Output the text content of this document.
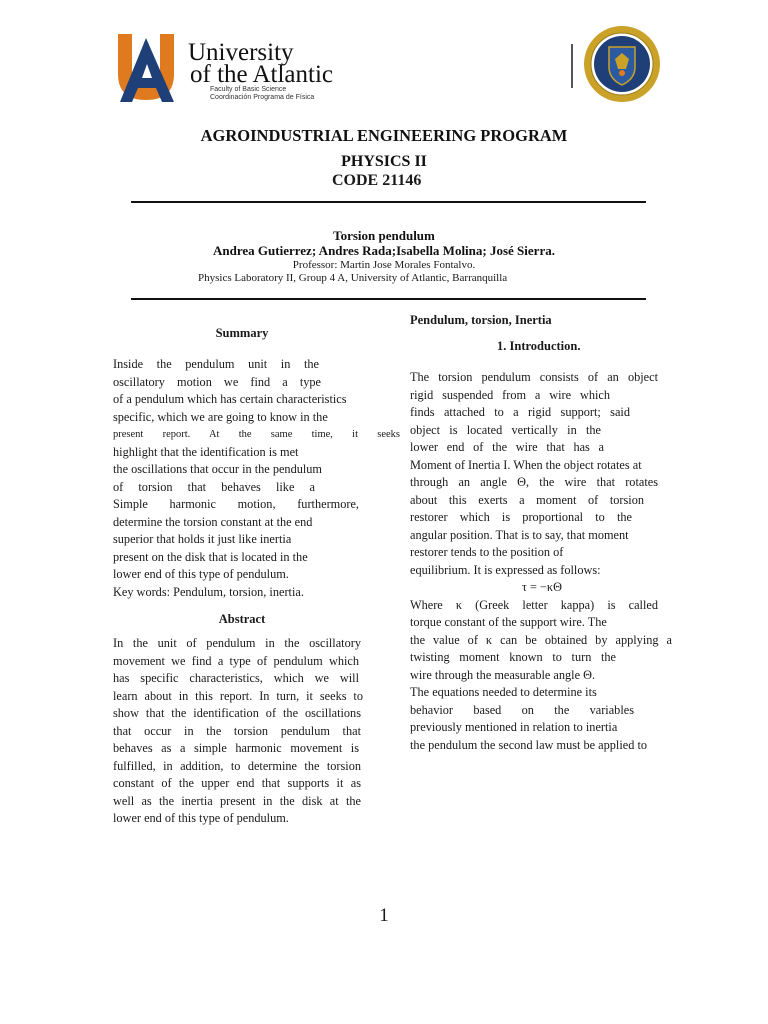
University
of the Atlantic
Faculty of Basic Science
Coordinación Programa de Física
AGROINDUSTRIAL ENGINEERING PROGRAM
PHYSICS II
CODE 21146
Torsion pendulum
Andrea Gutierrez; Andres Rada;Isabella Molina; José Sierra.
Professor: Martin Jose Morales Fontalvo.
Physics Laboratory II, Group 4 A, University of Atlantic, Barranquilla
Summary
Inside the pendulum unit in the
oscillatory motion we find a type
of a pendulum which has certain characteristics
specific, which we are going to know in the
present report. At the same time, it seeks
highlight that the identification is met
the oscillations that occur in the pendulum
of torsion that behaves like a
Simple harmonic motion, furthermore,
determine the torsion constant at the end
superior that holds it just like inertia
present on the disk that is located in the
lower end of this type of pendulum.
Key words: Pendulum, torsion, inertia.
Abstract
In the unit of pendulum in the oscillatory
movement we find a type of pendulum which
has specific characteristics, which we will
learn about in this report. In turn, it seeks to
show that the identification of the oscillations
that occur in the torsion pendulum that
behaves as a simple harmonic movement is
fulfilled, in addition, to determine the torsion
constant of the upper end that supports it as
well as the inertia present in the disk at the
lower end of this type of pendulum.
Pendulum, torsion, Inertia
1. Introduction.
The torsion pendulum consists of an object
rigid suspended from a wire which
finds attached to a rigid support; said
object is located vertically in the
lower end of the wire that has a
Moment of Inertia I. When the object rotates at
through an angle Θ, the wire that rotates
about this exerts a moment of torsion
restorer which is proportional to the
angular position. That is to say, that moment
restorer tends to the position of
equilibrium. It is expressed as follows:
τ = −κΘ
Where κ (Greek letter kappa) is called
torque constant of the support wire. The
the value of κ can be obtained by applying a
twisting moment known to turn the
wire through the measurable angle Θ.
The equations needed to determine its
behavior based on the variables
previously mentioned in relation to inertia
the pendulum the second law must be applied to
1
